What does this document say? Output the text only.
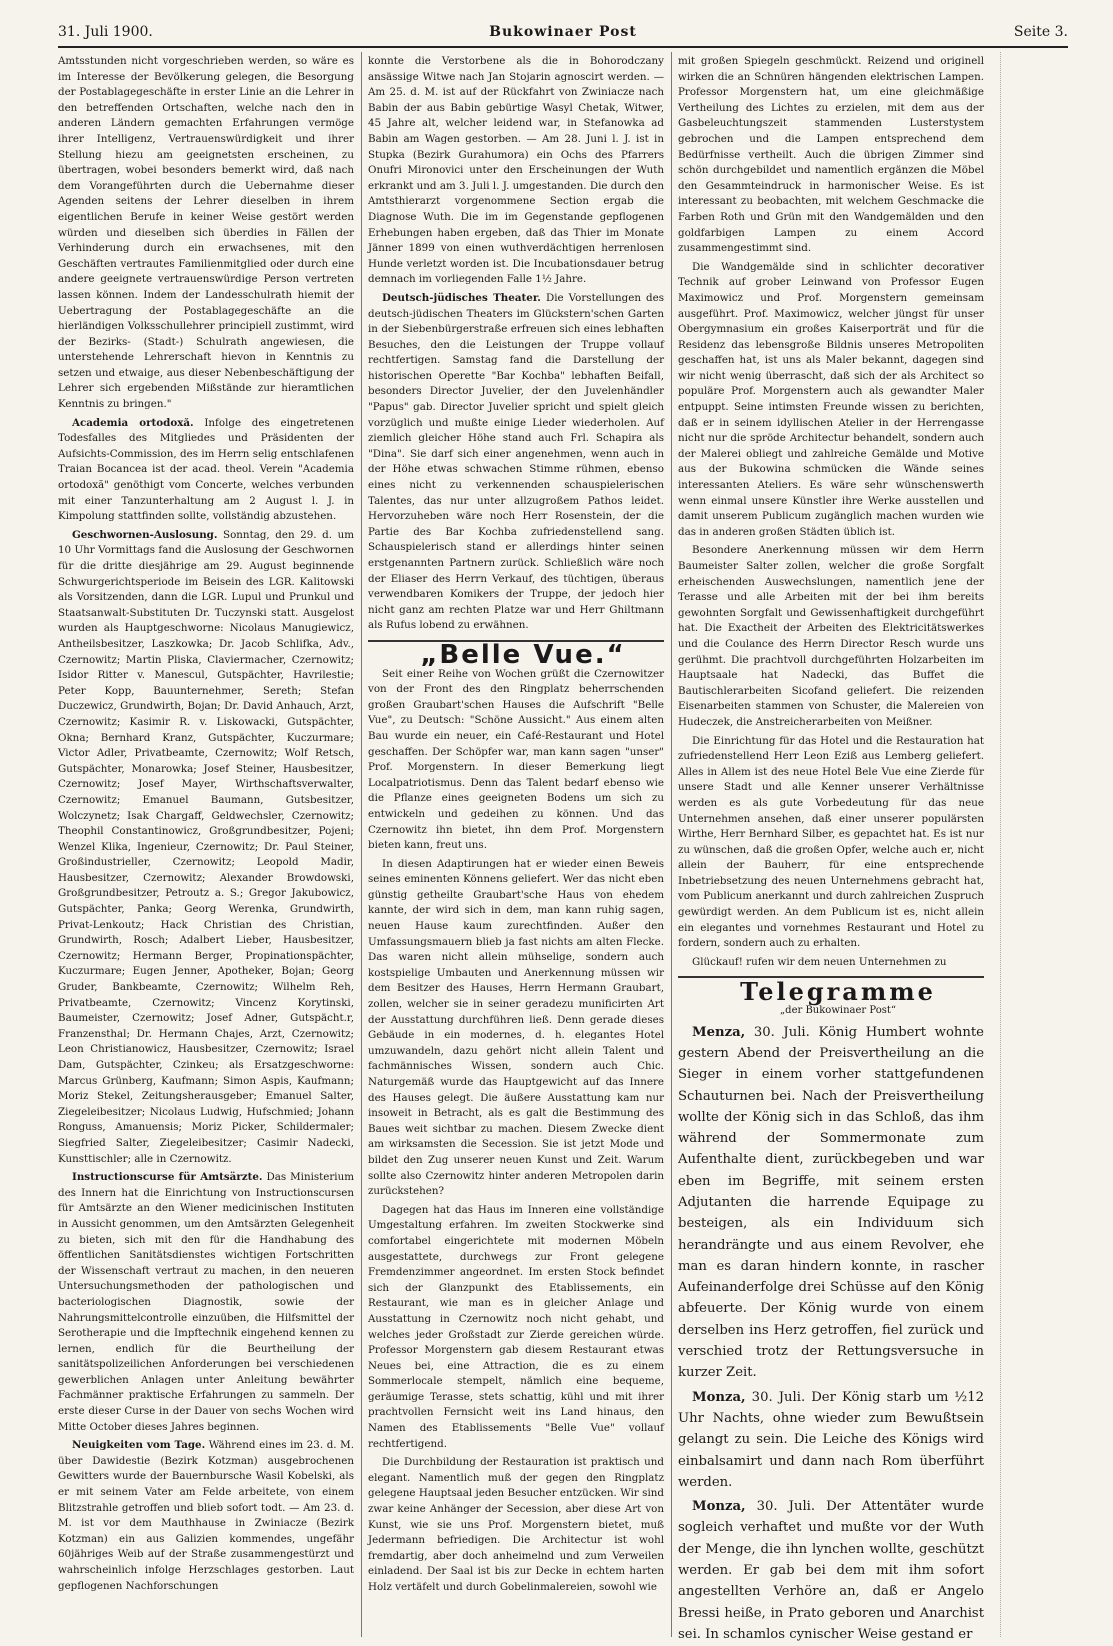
31. Juli 1900.	Bukowinaer Post	Seite 3.

Amtsstunden nicht vorgeschrieben werden, so wäre es im Interesse der Bevölkerung gelegen, die Besorgung der Postablagegeschäfte in erster Linie an die Lehrer in den betreffenden Ortschaften, welche nach den in anderen Ländern gemachten Erfahrungen vermöge ihrer Intelligenz, Vertrauenswürdigkeit und ihrer Stellung hiezu am geeignetsten erscheinen, zu übertragen, wobei besonders bemerkt wird, daß nach dem Vorangeführten durch die Uebernahme dieser Agenden seitens der Lehrer dieselben in ihrem eigentlichen Berufe in keiner Weise gestört werden würden und dieselben sich überdies in Fällen der Verhinderung durch ein erwachsenes, mit den Geschäften vertrautes Familienmitglied oder durch eine andere geeignete vertrauenswürdige Person vertreten lassen können. Indem der Landesschulrath hiemit der Uebertragung der Postablagegeschäfte an die hierländigen Volksschullehrer principiell zustimmt, wird der Bezirks- (Stadt-) Schulrath angewiesen, die unterstehende Lehrerschaft hievon in Kenntnis zu setzen und etwaige, aus dieser Nebenbeschäftigung der Lehrer sich ergebenden Mißstände zur hieramtlichen Kenntnis zu bringen."

Academia ortodoxă. Infolge des eingetretenen Todesfalles des Mitgliedes und Präsidenten der Aufsichts-Commission, des im Herrn selig entschlafenen Traian Bocancea ist der acad. theol. Verein "Academia ortodoxă" genöthigt vom Concerte, welches verbunden mit einer Tanzunterhaltung am 2 August l. J. in Kimpolung stattfinden sollte, vollständig abzustehen.

Geschwornen-Auslosung. Sonntag, den 29. d. um 10 Uhr Vormittags fand die Auslosung der Geschwornen für die dritte diesjährige am 29. August beginnende Schwurgerichtsperiode im Beisein des LGR. Kalitowski als Vorsitzenden, dann die LGR. Lupul und Prunkul und Staatsanwalt-Substituten Dr. Tuczynski statt. Ausgelost wurden als Hauptgeschworne: Nicolaus Manugiewicz, Antheilsbesitzer, Laszkowka; Dr. Jacob Schlifka, Adv., Czernowitz; Martin Pliska, Claviermacher, Czernowitz; Isidor Ritter v. Manescul, Gutspächter, Havrilestie; Peter Kopp, Bauunternehmer, Sereth; Stefan Duczewicz, Grundwirth, Bojan; Dr. David Anhauch, Arzt, Czernowitz; Kasimir R. v. Liskowacki, Gutspächter, Okna; Bernhard Kranz, Gutspächter, Kuczurmare; Victor Adler, Privatbeamte, Czernowitz; Wolf Retsch, Gutspächter, Monarowka; Josef Steiner, Hausbesitzer, Czernowitz; Josef Mayer, Wirthschaftsverwalter, Czernowitz; Emanuel Baumann, Gutsbesitzer, Wolczynetz; Isak Chargaff, Geldwechsler, Czernowitz; Theophil Constantinowicz, Großgrundbesitzer, Pojeni; Wenzel Klika, Ingenieur, Czernowitz; Dr. Paul Steiner, Großindustrieller, Czernowitz; Leopold Madir, Hausbesitzer, Czernowitz; Alexander Browdowski, Großgrundbesitzer, Petroutz a. S.; Gregor Jakubowicz, Gutspächter, Panka; Georg Werenka, Grundwirth, Privat-Lenkoutz; Hack Christian des Christian, Grundwirth, Rosch; Adalbert Lieber, Hausbesitzer, Czernowitz; Hermann Berger, Propinationspächter, Kuczurmare; Eugen Jenner, Apotheker, Bojan; Georg Gruder, Bankbeamte, Czernowitz; Wilhelm Reh, Privatbeamte, Czernowitz; Vincenz Korytinski, Baumeister, Czernowitz; Josef Adner, Gutspächt.r, Franzensthal; Dr. Hermann Chajes, Arzt, Czernowitz; Leon Christianowicz, Hausbesitzer, Czernowitz; Israel Dam, Gutspächter, Czinkeu; als Ersatzgeschworne: Marcus Grünberg, Kaufmann; Simon Aspis, Kaufmann; Moriz Stekel, Zeitungsherausgeber; Emanuel Salter, Ziegeleibesitzer; Nicolaus Ludwig, Hufschmied; Johann Ronguss, Amanuensis; Moriz Picker, Schildermaler; Siegfried Salter, Ziegeleibesitzer; Casimir Nadecki, Kunsttischler; alle in Czernowitz.

Instructionscurse für Amtsärzte. Das Ministerium des Innern hat die Einrichtung von Instructionscursen für Amtsärzte an den Wiener medicinischen Instituten in Aussicht genommen, um den Amtsärzten Gelegenheit zu bieten, sich mit den für die Handhabung des öffentlichen Sanitätsdienstes wichtigen Fortschritten der Wissenschaft vertraut zu machen, in den neueren Untersuchungsmethoden der pathologischen und bacteriologischen Diagnostik, sowie der Nahrungsmittelcontrolle einzuüben, die Hilfsmittel der Serotherapie und die Impftechnik eingehend kennen zu lernen, endlich für die Beurtheilung der sanitätspolizeilichen Anforderungen bei verschiedenen gewerblichen Anlagen unter Anleitung bewährter Fachmänner praktische Erfahrungen zu sammeln. Der erste dieser Curse in der Dauer von sechs Wochen wird Mitte October dieses Jahres beginnen.

Neuigkeiten vom Tage. Während eines im 23. d. M. über Dawidestie (Bezirk Kotzman) ausgebrochenen Gewitters wurde der Bauernbursche Wasil Kobelski, als er mit seinem Vater am Felde arbeitete, von einem Blitzstrahle getroffen und blieb sofort todt. — Am 23. d. M. ist vor dem Mauthhause in Zwiniacze (Bezirk Kotzman) ein aus Galizien kommendes, ungefähr 60jähriges Weib auf der Straße zusammengestürzt und wahrscheinlich infolge Herzschlages gestorben. Laut gepflogenen Nachforschungen

konnte die Verstorbene als die in Bohorodczany ansässige Witwe nach Jan Stojarin agnoscirt werden. — Am 25. d. M. ist auf der Rückfahrt von Zwiniacze nach Babin der aus Babin gebürtige Wasyl Chetak, Witwer, 45 Jahre alt, welcher leidend war, in Stefanowka ad Babin am Wagen gestorben. — Am 28. Juni l. J. ist in Stupka (Bezirk Gurahumora) ein Ochs des Pfarrers Onufri Mironovici unter den Erscheinungen der Wuth erkrankt und am 3. Juli l. J. umgestanden. Die durch den Amtsthierarzt vorgenommene Section ergab die Diagnose Wuth. Die im im Gegenstande gepflogenen Erhebungen haben ergeben, daß das Thier im Monate Jänner 1899 von einen wuthverdächtigen herrenlosen Hunde verletzt worden ist. Die Incubationsdauer betrug demnach im vorliegenden Falle 1½ Jahre.

Deutsch-jüdisches Theater. Die Vorstellungen des deutsch-jüdischen Theaters im Glückstern'schen Garten in der Siebenbürgerstraße erfreuen sich eines lebhaften Besuches, den die Leistungen der Truppe vollauf rechtfertigen. Samstag fand die Darstellung der historischen Operette "Bar Kochba" lebhaften Beifall, besonders Director Juvelier, der den Juvelenhändler "Papus" gab. Director Juvelier spricht und spielt gleich vorzüglich und mußte einige Lieder wiederholen. Auf ziemlich gleicher Höhe stand auch Frl. Schapira als "Dina". Sie darf sich einer angenehmen, wenn auch in der Höhe etwas schwachen Stimme rühmen, ebenso eines nicht zu verkennenden schauspielerischen Talentes, das nur unter allzugroßem Pathos leidet. Hervorzuheben wäre noch Herr Rosenstein, der die Partie des Bar Kochba zufriedenstellend sang. Schauspielerisch stand er allerdings hinter seinen erstgenannten Partnern zurück. Schließlich wäre noch der Eliaser des Herrn Verkauf, des tüchtigen, überaus verwendbaren Komikers der Truppe, der jedoch hier nicht ganz am rechten Platze war und Herr Ghiltmann als Rufus lobend zu erwähnen.

„Belle Vue.“

Seit einer Reihe von Wochen grüßt die Czernowitzer von der Front des den Ringplatz beherrschenden großen Graubart'schen Hauses die Aufschrift "Belle Vue", zu Deutsch: "Schöne Aussicht." Aus einem alten Bau wurde ein neuer, ein Café-Restaurant und Hotel geschaffen. Der Schöpfer war, man kann sagen "unser" Prof. Morgenstern. In dieser Bemerkung liegt Localpatriotismus. Denn das Talent bedarf ebenso wie die Pflanze eines geeigneten Bodens um sich zu entwickeln und gedeihen zu können. Und das Czernowitz ihn bietet, ihn dem Prof. Morgenstern bieten kann, freut uns.

In diesen Adaptirungen hat er wieder einen Beweis seines eminenten Könnens geliefert. Wer das nicht eben günstig getheilte Graubart'sche Haus von ehedem kannte, der wird sich in dem, man kann ruhig sagen, neuen Hause kaum zurechtfinden. Außer den Umfassungsmauern blieb ja fast nichts am alten Flecke. Das waren nicht allein mühselige, sondern auch kostspielige Umbauten und Anerkennung müssen wir dem Besitzer des Hauses, Herrn Hermann Graubart, zollen, welcher sie in seiner geradezu munificirten Art der Ausstattung durchführen ließ. Denn gerade dieses Gebäude in ein modernes, d. h. elegantes Hotel umzuwandeln, dazu gehört nicht allein Talent und fachmännisches Wissen, sondern auch Chic. Naturgemäß wurde das Hauptgewicht auf das Innere des Hauses gelegt. Die äußere Ausstattung kam nur insoweit in Betracht, als es galt die Bestimmung des Baues weit sichtbar zu machen. Diesem Zwecke dient am wirksamsten die Secession. Sie ist jetzt Mode und bildet den Zug unserer neuen Kunst und Zeit. Warum sollte also Czernowitz hinter anderen Metropolen darin zurückstehen?

Dagegen hat das Haus im Inneren eine vollständige Umgestaltung erfahren. Im zweiten Stockwerke sind comfortabel eingerichtete mit modernen Möbeln ausgestattete, durchwegs zur Front gelegene Fremdenzimmer angeordnet. Im ersten Stock befindet sich der Glanzpunkt des Etablissements, ein Restaurant, wie man es in gleicher Anlage und Ausstattung in Czernowitz noch nicht gehabt, und welches jeder Großstadt zur Zierde gereichen würde. Professor Morgenstern gab diesem Restaurant etwas Neues bei, eine Attraction, die es zu einem Sommerlocale stempelt, nämlich eine bequeme, geräumige Terasse, stets schattig, kühl und mit ihrer prachtvollen Fernsicht weit ins Land hinaus, den Namen des Etablissements "Belle Vue" vollauf rechtfertigend.

Die Durchbildung der Restauration ist praktisch und elegant. Namentlich muß der gegen den Ringplatz gelegene Hauptsaal jeden Besucher entzücken. Wir sind zwar keine Anhänger der Secession, aber diese Art von Kunst, wie sie uns Prof. Morgenstern bietet, muß Jedermann befriedigen. Die Architectur ist wohl fremdartig, aber doch anheimelnd und zum Verweilen einladend. Der Saal ist bis zur Decke in echtem harten Holz vertäfelt und durch Gobelinmalereien, sowohl wie

mit großen Spiegeln geschmückt. Reizend und originell wirken die an Schnüren hängenden elektrischen Lampen. Professor Morgenstern hat, um eine gleichmäßige Vertheilung des Lichtes zu erzielen, mit dem aus der Gasbeleuchtungszeit stammenden Lusterstystem gebrochen und die Lampen entsprechend dem Bedürfnisse vertheilt. Auch die übrigen Zimmer sind schön durchgebildet und namentlich ergänzen die Möbel den Gesammteindruck in harmonischer Weise. Es ist interessant zu beobachten, mit welchem Geschmacke die Farben Roth und Grün mit den Wandgemälden und den goldfarbigen Lampen zu einem Accord zusammengestimmt sind.

Die Wandgemälde sind in schlichter decorativer Technik auf grober Leinwand von Professor Eugen Maximowicz und Prof. Morgenstern gemeinsam ausgeführt. Prof. Maximowicz, welcher jüngst für unser Obergymnasium ein großes Kaiserporträt und für die Residenz das lebensgroße Bildnis unseres Metropoliten geschaffen hat, ist uns als Maler bekannt, dagegen sind wir nicht wenig überrascht, daß sich der als Architect so populäre Prof. Morgenstern auch als gewandter Maler entpuppt. Seine intimsten Freunde wissen zu berichten, daß er in seinem idyllischen Atelier in der Herrengasse nicht nur die spröde Architectur behandelt, sondern auch der Malerei obliegt und zahlreiche Gemälde und Motive aus der Bukowina schmücken die Wände seines interessanten Ateliers. Es wäre sehr wünschenswerth wenn einmal unsere Künstler ihre Werke ausstellen und damit unserem Publicum zugänglich machen wurden wie das in anderen großen Städten üblich ist.

Besondere Anerkennung müssen wir dem Herrn Baumeister Salter zollen, welcher die große Sorgfalt erheischenden Auswechslungen, namentlich jene der Terasse und alle Arbeiten mit der bei ihm bereits gewohnten Sorgfalt und Gewissenhaftigkeit durchgeführt hat. Die Exactheit der Arbeiten des Elektricitätswerkes und die Coulance des Herrn Director Resch wurde uns gerühmt. Die prachtvoll durchgeführten Holzarbeiten im Hauptsaale hat Nadecki, das Buffet die Bautischlerarbeiten Sicofand geliefert. Die reizenden Eisenarbeiten stammen von Schuster, die Malereien von Hudeczek, die Anstreicherarbeiten von Meißner.

Die Einrichtung für das Hotel und die Restauration hat zufriedenstellend Herr Leon Eziß aus Lemberg geliefert. Alles in Allem ist des neue Hotel Bele Vue eine Zierde für unsere Stadt und alle Kenner unserer Verhältnisse werden es als gute Vorbedeutung für das neue Unternehmen ansehen, daß einer unserer populärsten Wirthe, Herr Bernhard Silber, es gepachtet hat. Es ist nur zu wünschen, daß die großen Opfer, welche auch er, nicht allein der Bauherr, für eine entsprechende Inbetriebsetzung des neuen Unternehmens gebracht hat, vom Publicum anerkannt und durch zahlreichen Zuspruch gewürdigt werden. An dem Publicum ist es, nicht allein ein elegantes und vornehmes Restaurant und Hotel zu fordern, sondern auch zu erhalten.

Glückauf! rufen wir dem neuen Unternehmen zu

Telegramme

„der Bukowinaer Post“

Menza, 30. Juli. König Humbert wohnte gestern Abend der Preisvertheilung an die Sieger in einem vorher stattgefundenen Schauturnen bei. Nach der Preisvertheilung wollte der König sich in das Schloß, das ihm während der Sommermonate zum Aufenthalte dient, zurückbegeben und war eben im Begriffe, mit seinem ersten Adjutanten die harrende Equipage zu besteigen, als ein Individuum sich herandrängte und aus einem Revolver, ehe man es daran hindern konnte, in rascher Aufeinanderfolge drei Schüsse auf den König abfeuerte. Der König wurde von einem derselben ins Herz getroffen, fiel zurück und verschied trotz der Rettungsversuche in kurzer Zeit.

Monza, 30. Juli. Der König starb um ½12 Uhr Nachts, ohne wieder zum Bewußtsein gelangt zu sein. Die Leiche des Königs wird einbalsamirt und dann nach Rom überführt werden.

Monza, 30. Juli. Der Attentäter wurde sogleich verhaftet und mußte vor der Wuth der Menge, die ihn lynchen wollte, geschützt werden. Er gab bei dem mit ihm sofort angestellten Verhöre an, daß er Angelo Bressi heiße, in Prato geboren und Anarchist sei. In schamlos cynischer Weise gestand er
